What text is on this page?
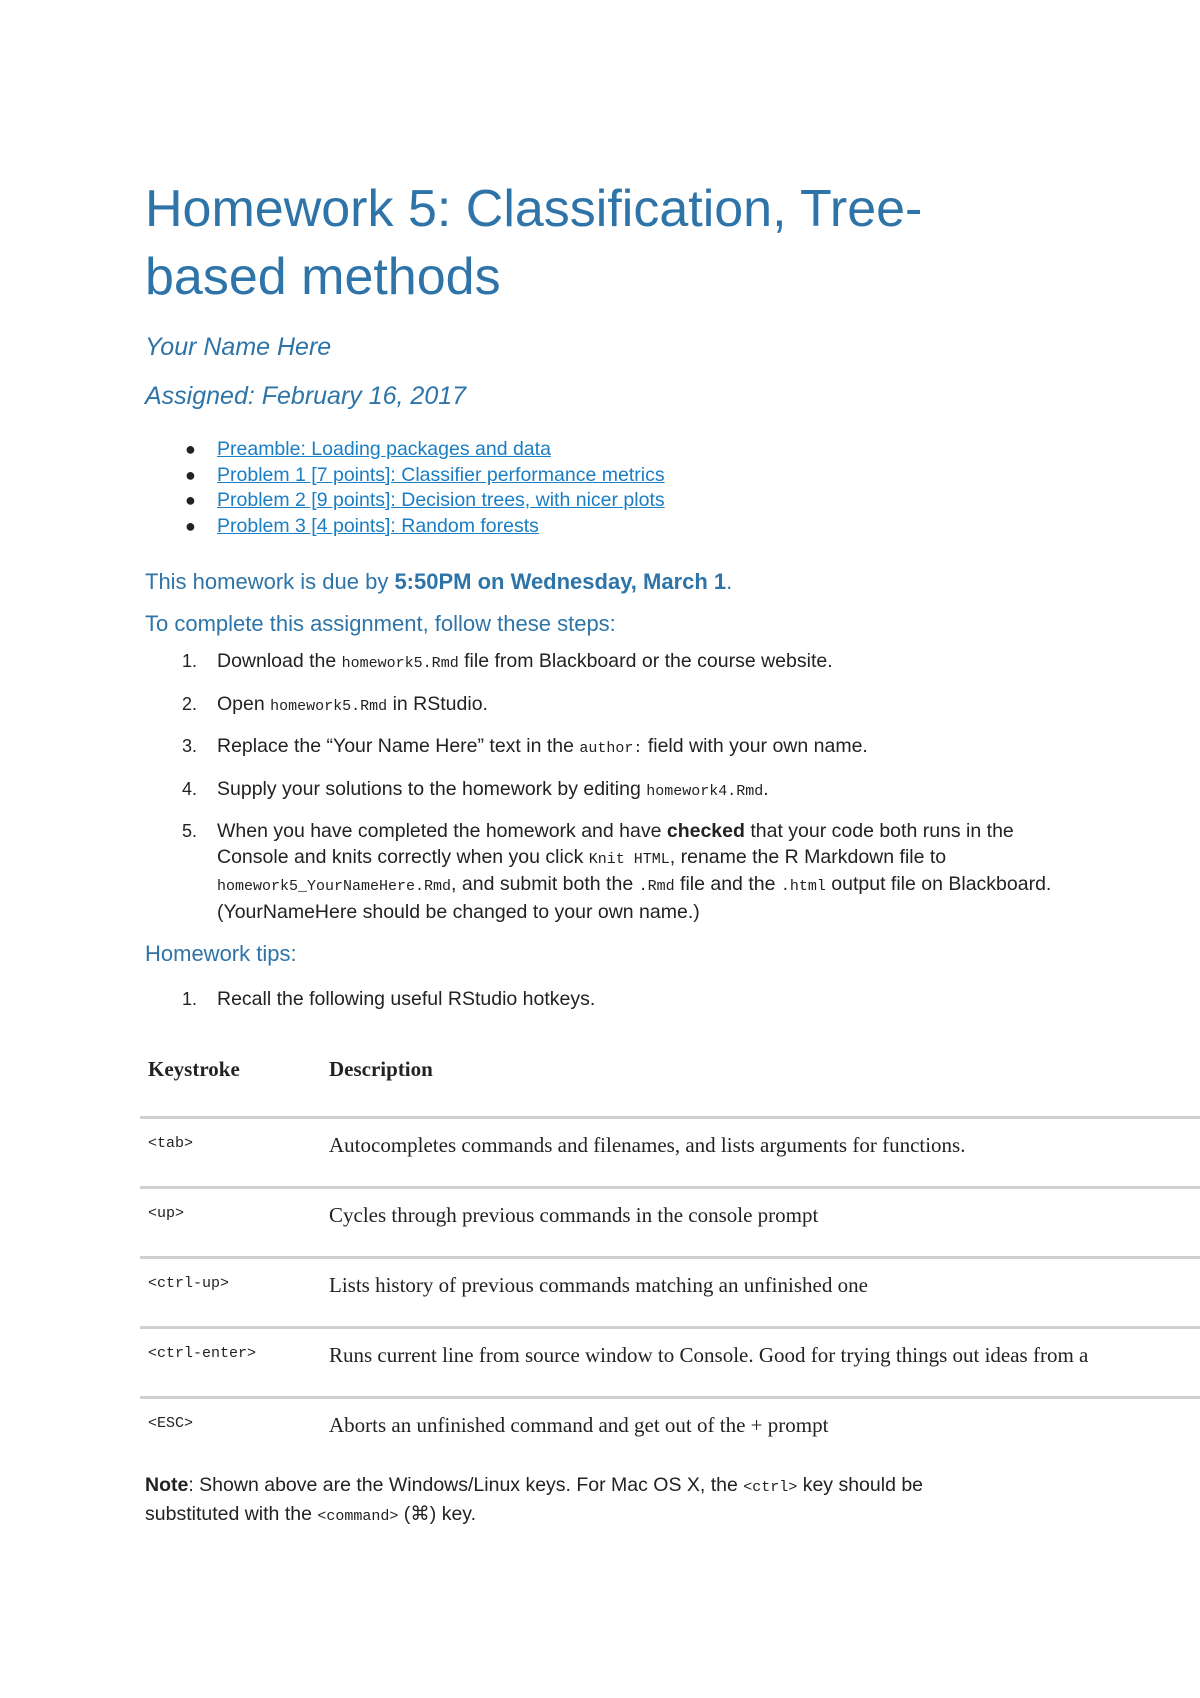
Homework 5: Classification, Tree-based methods

Your Name Here

Assigned: February 16, 2017

● Preamble: Loading packages and data
● Problem 1 [7 points]: Classifier performance metrics
● Problem 2 [9 points]: Decision trees, with nicer plots
● Problem 3 [4 points]: Random forests
This homework is due by 5:50PM on Wednesday, March 1.
To complete this assignment, follow these steps:
1. Download the homework5.Rmd file from Blackboard or the course website.
2. Open homework5.Rmd in RStudio.
3. Replace the “Your Name Here” text in the author: field with your own name.
4. Supply your solutions to the homework by editing homework4.Rmd.
5. When you have completed the homework and have checked that your code both runs in the Console and knits correctly when you click Knit HTML, rename the R Markdown file to homework5_YourNameHere.Rmd, and submit both the .Rmd file and the .html output file on Blackboard. (YourNameHere should be changed to your own name.)
Homework tips:
1. Recall the following useful RStudio hotkeys.
Keystroke	Description
<tab>	Autocompletes commands and filenames, and lists arguments for functions.
<up>	Cycles through previous commands in the console prompt
<ctrl-up>	Lists history of previous commands matching an unfinished one
<ctrl-enter>	Runs current line from source window to Console. Good for trying things out ideas from a
<ESC>	Aborts an unfinished command and get out of the + prompt

Note: Shown above are the Windows/Linux keys. For Mac OS X, the <ctrl> key should be substituted with the <command> (⌘) key.
